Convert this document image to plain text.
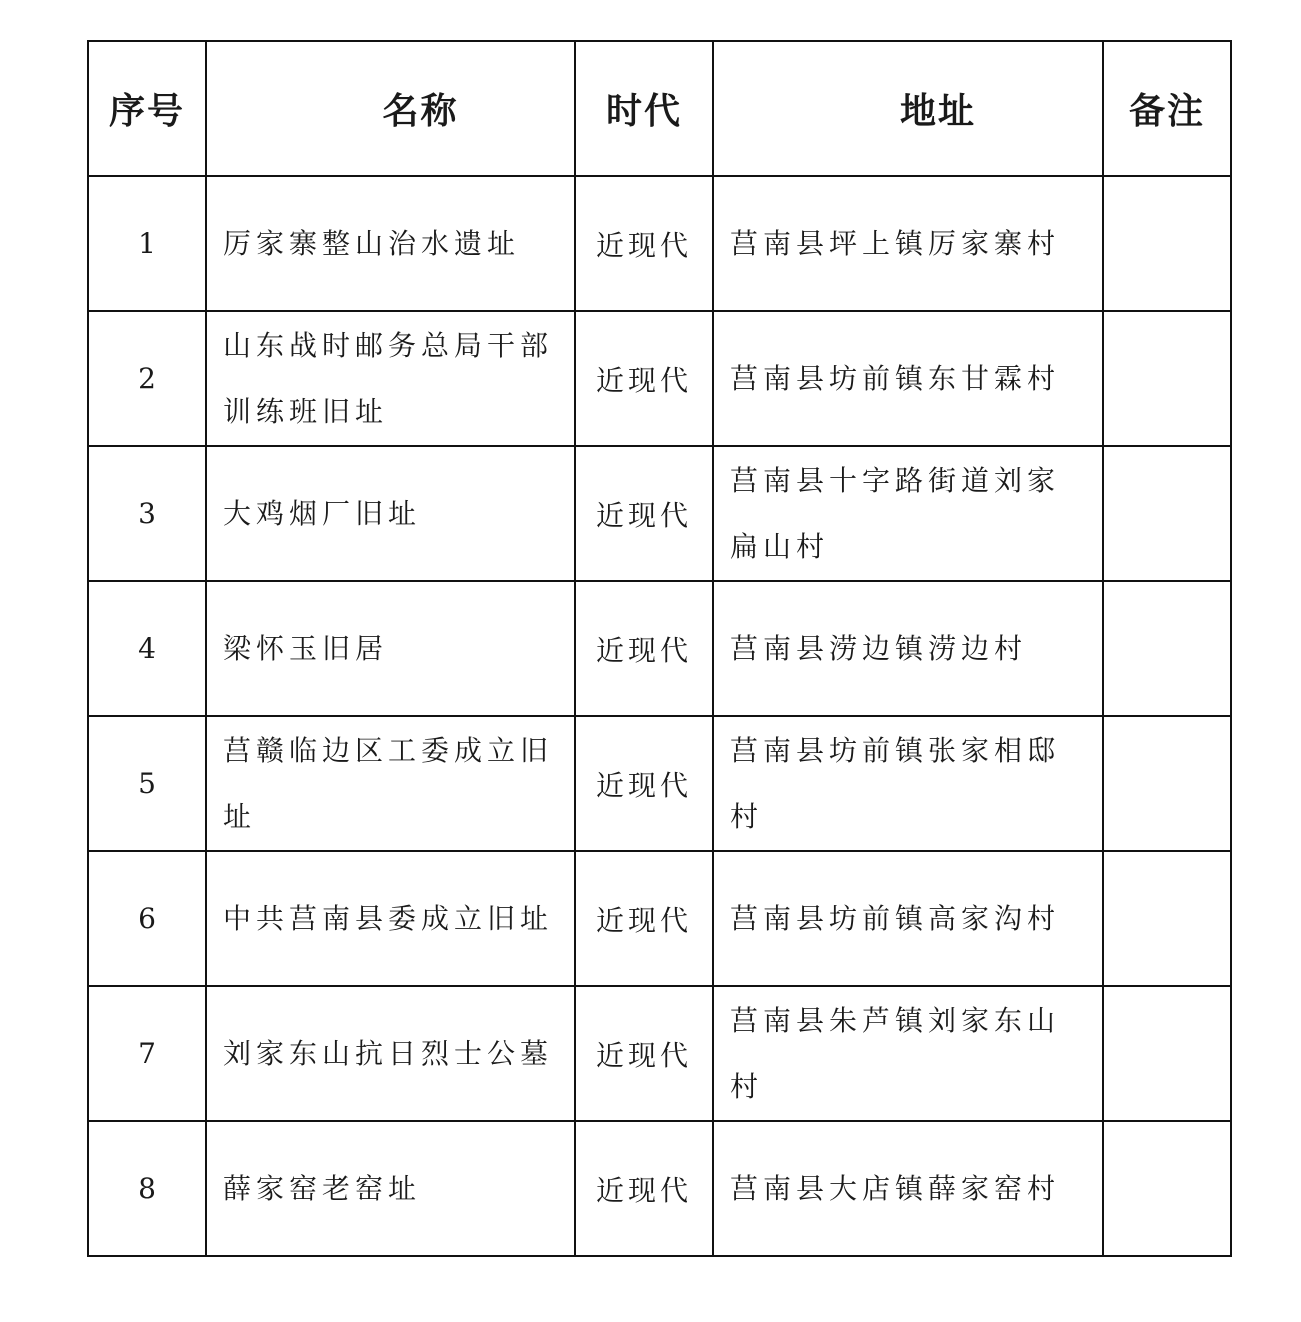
序号	名称	时代	地址	备注
1	厉家寨整山治水遗址	近现代	莒南县坪上镇厉家寨村	
2	山东战时邮务总局干部训练班旧址	近现代	莒南县坊前镇东甘霖村	
3	大鸡烟厂旧址	近现代	莒南县十字路街道刘家扁山村	
4	梁怀玉旧居	近现代	莒南县涝边镇涝边村	
5	莒赣临边区工委成立旧址	近现代	莒南县坊前镇张家相邸村	
6	中共莒南县委成立旧址	近现代	莒南县坊前镇高家沟村	
7	刘家东山抗日烈士公墓	近现代	莒南县朱芦镇刘家东山村	
8	薛家窑老窑址	近现代	莒南县大店镇薛家窑村	
